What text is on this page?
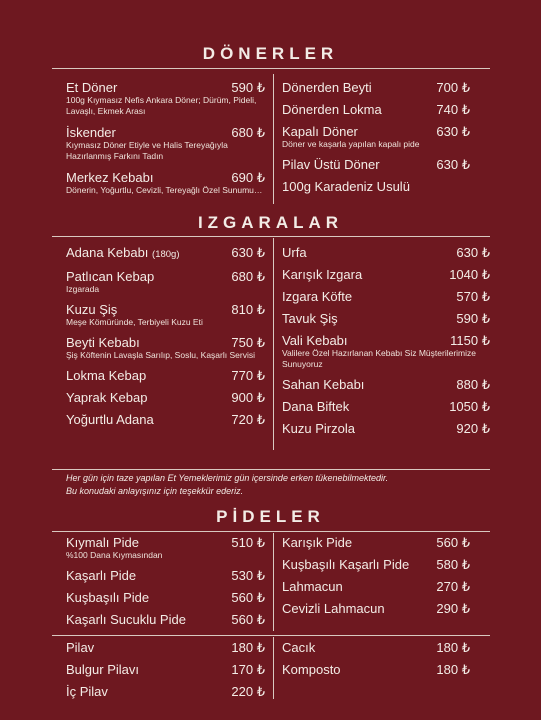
DÖNERLER
Et Döner	590 ₺
100g Kıymasız Nefis Ankara Döner; Dürüm, Pideli, Lavaşlı, Ekmek Arası
İskender	680 ₺
Kıymasız Döner Etiyle ve Halis Tereyağıyla Hazırlanmış Farkını Tadın
Merkez Kebabı	690 ₺
Dönerin, Yoğurtlu, Cevizli, Tereyağlı Özel Sunumu…
Dönerden Beyti	700 ₺
Dönerden Lokma	740 ₺
Kapalı Döner	630 ₺
Döner ve kaşarla yapılan kapalı pide
Pilav Üstü Döner	630 ₺
100g Karadeniz Usulü
IZGARALAR
Adana Kebabı (180g)	630 ₺
Patlıcan Kebap	680 ₺
Izgarada
Kuzu Şiş	810 ₺
Meşe Kömüründe, Terbiyeli Kuzu Eti
Beyti Kebabı	750 ₺
Şiş Köftenin Lavaşla Sarılıp, Soslu, Kaşarlı Servisi
Lokma Kebap	770 ₺
Yaprak Kebap	900 ₺
Yoğurtlu Adana	720 ₺
Urfa	630 ₺
Karışık Izgara	1040 ₺
Izgara Köfte	570 ₺
Tavuk Şiş	590 ₺
Vali Kebabı	1150 ₺
Valilere Özel Hazırlanan Kebabı Siz Müşterilerimize Sunuyoruz
Sahan Kebabı	880 ₺
Dana Biftek	1050 ₺
Kuzu Pirzola	920 ₺
Her gün için taze yapılan Et Yemeklerimiz gün içersinde erken tükenebilmektedir.
Bu konudaki anlayışınız için teşekkür ederiz.
PİDELER
Kıymalı Pide	510 ₺
%100 Dana Kıymasından
Kaşarlı Pide	530 ₺
Kuşbaşılı Pide	560 ₺
Kaşarlı Sucuklu Pide	560 ₺
Karışık Pide	560 ₺
Kuşbaşılı Kaşarlı Pide 580 ₺
Lahmacun	270 ₺
Cevizli Lahmacun	290 ₺
Pilav	180 ₺
Bulgur Pilavı	170 ₺
İç Pilav	220 ₺
Cacık	180 ₺
Komposto	180 ₺
